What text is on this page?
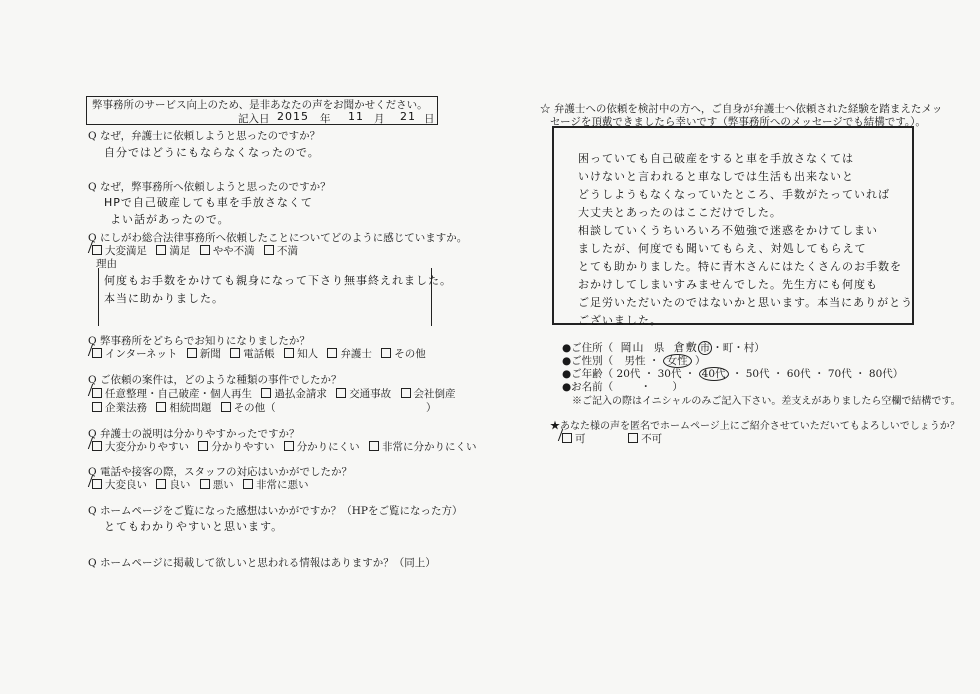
弊事務所のサービス向上のため、是非あなたの声をお聞かせください。
記入日 2015 年 11 月 21 日
Q なぜ，弁護士に依頼しようと思ったのですか？
自分ではどうにもならなくなったので。
Q なぜ，弊事務所へ依頼しようと思ったのですか？
HPで自己破産しても車を手放さなくて
よい話があったので。
Q にしがわ総合法律事務所へ依頼したことについてどのように感じていますか。
大変満足 満足 やや不満 不満
理由
何度もお手数をかけても親身になって下さり無事終えれました。
本当に助かりました。
Q 弊事務所をどちらでお知りになりましたか？
インターネット 新聞 電話帳 知人 弁護士 その他
Q ご依頼の案件は，どのような種類の事件でしたか？
任意整理・自己破産・個人再生 過払金請求 交通事故 会社倒産
企業法務 相続問題 その他（	）
Q 弁護士の説明は分かりやすかったですか？
大変分かりやすい 分かりやすい 分かりにくい 非常に分かりにくい
Q 電話や接客の際，スタッフの対応はいかがでしたか？
大変良い 良い 悪い 非常に悪い
Q ホームページをご覧になった感想はいかがですか？（HPをご覧になった方）
とてもわかりやすいと思います。
Q ホームページに掲載して欲しいと思われる情報はありますか？（同上）
☆ 弁護士への依頼を検討中の方へ，ご自身が弁護士へ依頼された経験を踏まえたメッ
セージを頂戴できましたら幸いです（弊事務所へのメッセージでも結構です。）。
困っていても自己破産をすると車を手放さなくては
いけないと言われると車なしでは生活も出来ないと
どうしようもなくなっていたところ、手数がたっていれば
大丈夫とあったのはここだけでした。
相談していくうちいろいろ不勉強で迷惑をかけてしまい
ましたが、何度でも聞いてもらえ、対処してもらえて
とても助かりました。特に青木さんにはたくさんのお手数を
おかけしてしまいすみませんでした。先生方にも何度も
ご足労いただいたのではないかと思います。本当にありがとう
ございました。
●ご住所（ 岡山 県 倉敷 市 ・町・村）
●ご性別（ 男性 ・ 女性 ）
●ご年齢（ 20代 ・ 30代 ・ 40代 ・ 50代 ・ 60代 ・ 70代 ・ 80代）
●お名前（	・ ）
※ご記入の際はイニシャルのみご記入下さい。差支えがありましたら空欄で結構です。
★あなた様の声を匿名でホームページ上にご紹介させていただいてもよろしいでしょうか？
可	不可
